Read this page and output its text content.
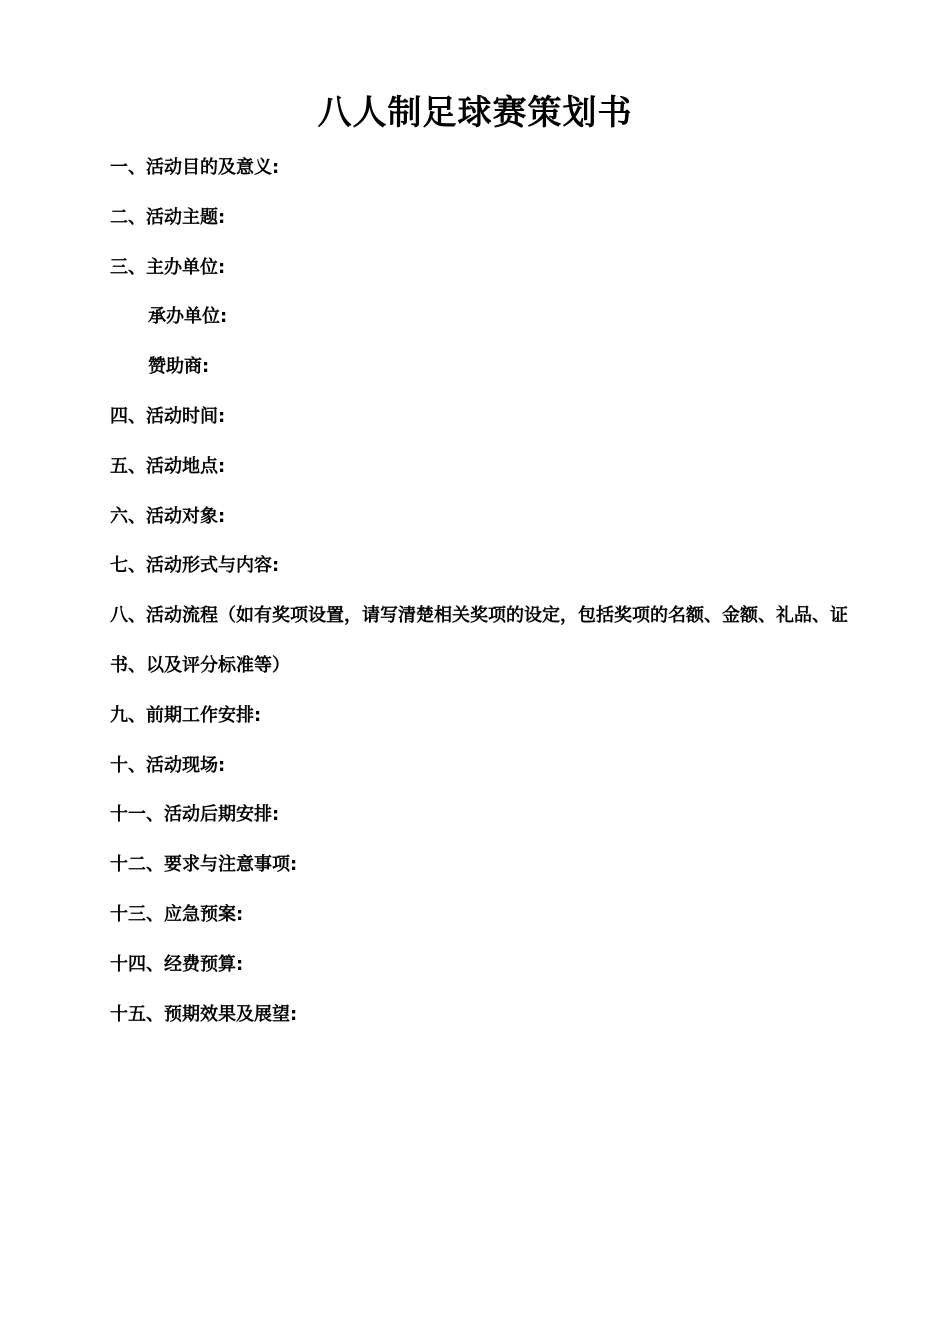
八人制足球赛策划书
一、活动目的及意义:
二、活动主题:
三、主办单位:
承办单位:
赞助商:
四、活动时间:
五、活动地点:
六、活动对象:
七、活动形式与内容:
八、活动流程（如有奖项设置，请写清楚相关奖项的设定，包括奖项的名额、金额、礼品、证书、以及评分标准等）
九、前期工作安排:
十、活动现场:
十一、活动后期安排:
十二、要求与注意事项:
十三、应急预案:
十四、经费预算:
十五、预期效果及展望:
